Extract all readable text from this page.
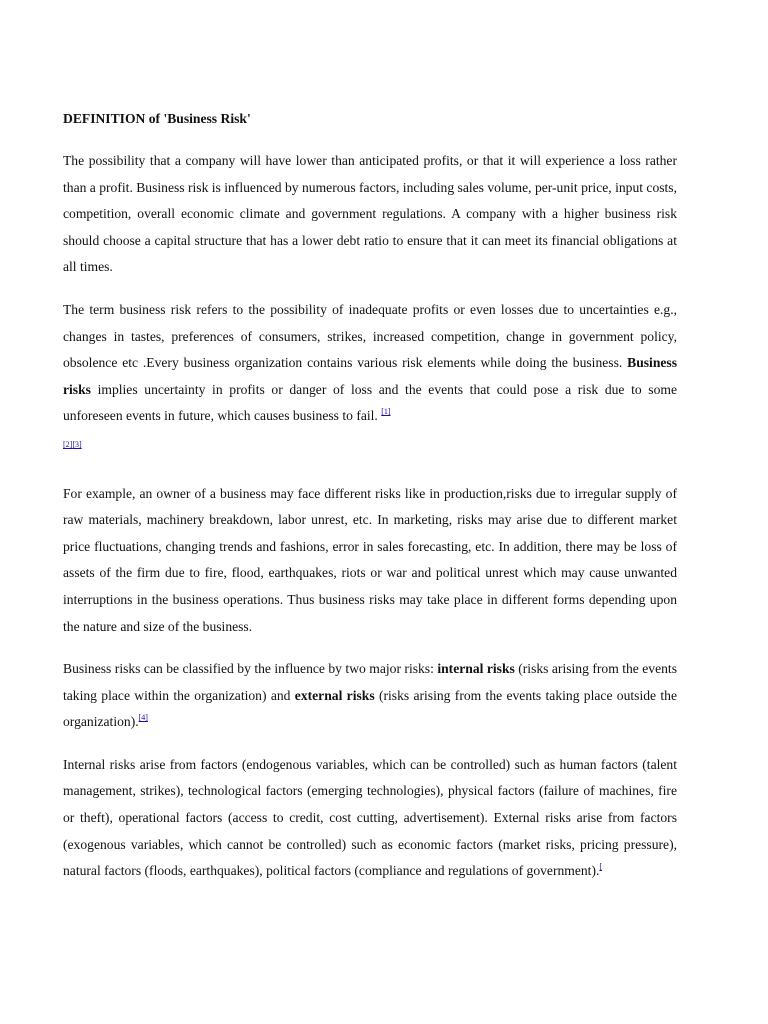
DEFINITION of 'Business Risk'

The possibility that a company will have lower than anticipated profits, or that it will experience a loss rather than a profit. Business risk is influenced by numerous factors, including sales volume, per-unit price, input costs, competition, overall economic climate and government regulations. A company with a higher business risk should choose a capital structure that has a lower debt ratio to ensure that it can meet its financial obligations at all times.

The term business risk refers to the possibility of inadequate profits or even losses due to uncertainties e.g., changes in tastes, preferences of consumers, strikes, increased competition, change in government policy, obsolence etc .Every business organization contains various risk elements while doing the business. Business risks implies uncertainty in profits or danger of loss and the events that could pose a risk due to some unforeseen events in future, which causes business to fail. [1]
[2][3]

For example, an owner of a business may face different risks like in production,risks due to irregular supply of raw materials, machinery breakdown, labor unrest, etc. In marketing, risks may arise due to different market price fluctuations, changing trends and fashions, error in sales forecasting, etc. In addition, there may be loss of assets of the firm due to fire, flood, earthquakes, riots or war and political unrest which may cause unwanted interruptions in the business operations. Thus business risks may take place in different forms depending upon the nature and size of the business.

Business risks can be classified by the influence by two major risks: internal risks (risks arising from the events taking place within the organization) and external risks (risks arising from the events taking place outside the organization).[4]

Internal risks arise from factors (endogenous variables, which can be controlled) such as human factors (talent management, strikes), technological factors (emerging technologies), physical factors (failure of machines, fire or theft), operational factors (access to credit, cost cutting, advertisement). External risks arise from factors (exogenous variables, which cannot be controlled) such as economic factors (market risks, pricing pressure), natural factors (floods, earthquakes), political factors (compliance and regulations of government).[
